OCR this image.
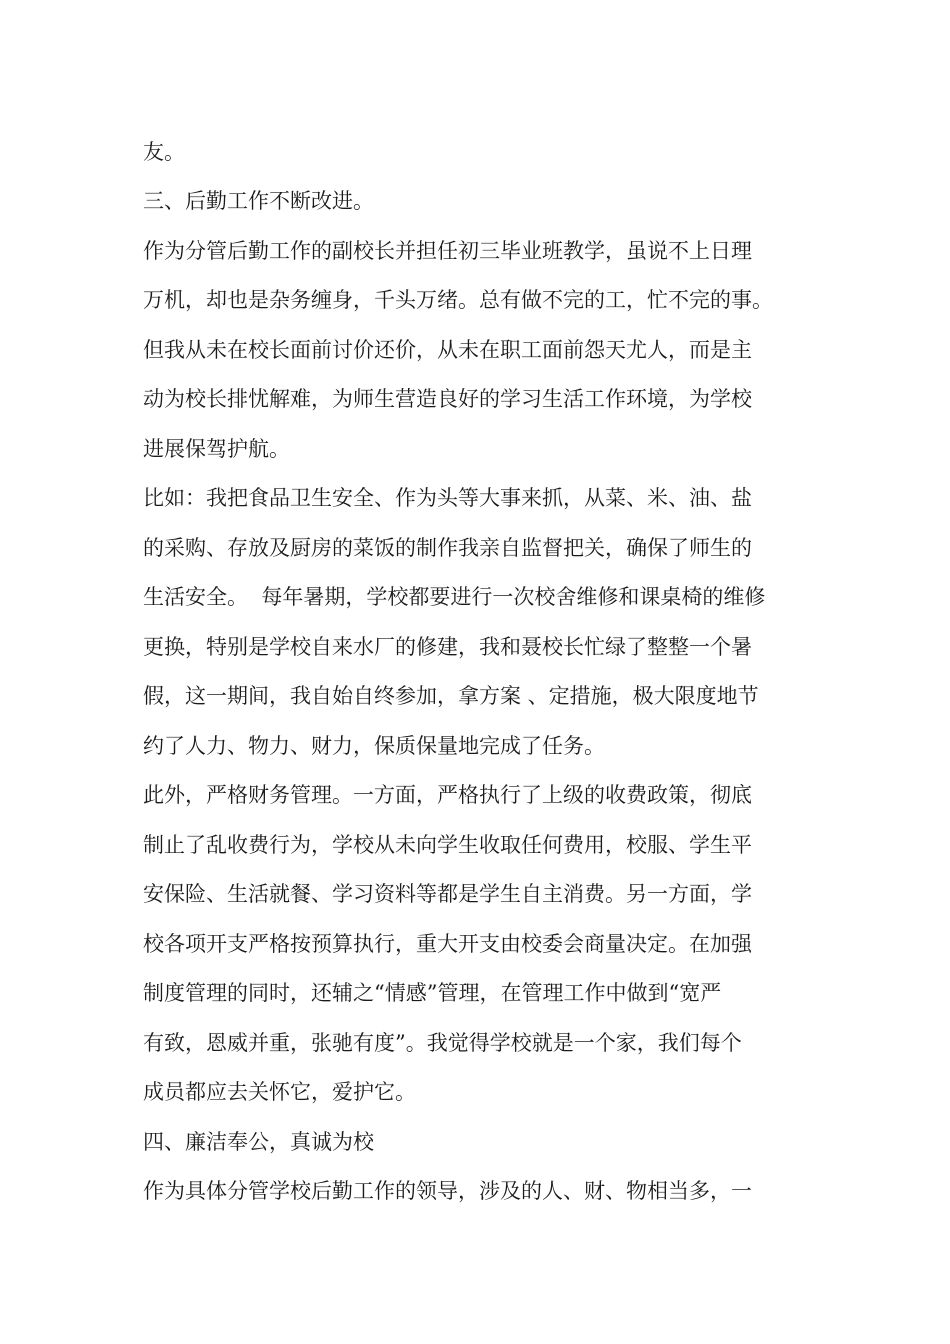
友。

三、后勤工作不断改进。

作为分管后勤工作的副校长并担任初三毕业班教学，虽说不上日理

万机，却也是杂务缠身，千头万绪。总有做不完的工，忙不完的事。

但我从未在校长面前讨价还价，从未在职工面前怨天尤人，而是主

动为校长排忧解难，为师生营造良好的学习生活工作环境，为学校

进展保驾护航。

比如：我把食品卫生安全、作为头等大事来抓，从菜、米、油、盐

的采购、存放及厨房的菜饭的制作我亲自监督把关，确保了师生的

生活安全。  每年暑期，学校都要进行一次校舍维修和课桌椅的维修

更换，特别是学校自来水厂的修建，我和聂校长忙绿了整整一个暑

假，这一期间，我自始自终参加，拿方案 、定措施，极大限度地节

约了人力、物力、财力，保质保量地完成了任务。

此外，严格财务管理。一方面，严格执行了上级的收费政策，彻底

制止了乱收费行为，学校从未向学生收取任何费用，校服、学生平

安保险、生活就餐、学习资料等都是学生自主消费。另一方面，学

校各项开支严格按预算执行，重大开支由校委会商量决定。在加强

制度管理的同时，还辅之“情感”管理，在管理工作中做到“宽严

有致，恩威并重，张驰有度”。我觉得学校就是一个家，我们每个

成员都应去关怀它，爱护它。

四、廉洁奉公，真诚为校

作为具体分管学校后勤工作的领导，涉及的人、财、物相当多，一
